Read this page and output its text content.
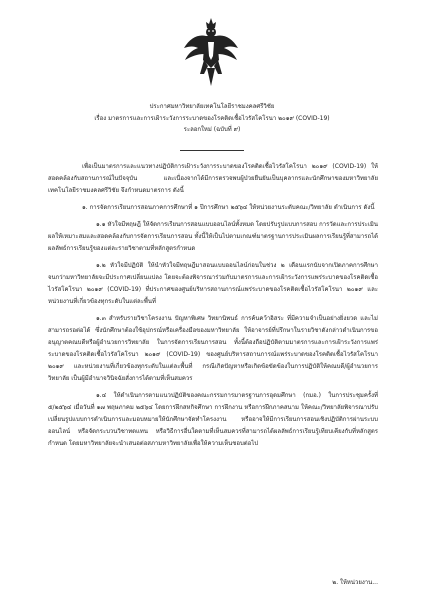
ประกาศมหาวิทยาลัยเทคโนโลยีราชมงคลศรีวิชัย
เรื่อง มาตรการและการเฝ้าระวังการระบาดของโรคติดเชื้อไวรัสโคโรนา ๒๐๑๙ (COVID-19)
ระลอกใหม่ (ฉบับที่ ๙)

เพื่อเป็นมาตรการและแนวทางปฏิบัติการเฝ้าระวังการระบาดของโรคติดเชื้อไวรัสโคโรนา ๒๐๑๙ (COVID-19) ให้สอดคล้องกับสถานการณ์ในปัจจุบัน และเนื่องจากได้มีการตรวจพบผู้ป่วยยืนยันเป็นบุคลากรและนักศึกษาของมหาวิทยาลัยเทคโนโลยีราชมงคลศรีวิชัย จึงกำหนดมาตรการ ดังนี้

๑. การจัดการเรียนการสอนภาคการศึกษาที่ ๑ ปีการศึกษา ๒๕๖๔ ให้หน่วยงานระดับคณะ/วิทยาลัย ดำเนินการ ดังนี้

๑.๑ หัวใจมีทฤษฎี ให้จัดการเรียนการสอนแบบออนไลน์ทั้งหมด โดยปรับรูปแบบการสอบ การวัดและการประเมินผลให้เหมาะสมและสอดคล้องกับการจัดการเรียนการสอน ทั้งนี้ให้เป็นไปตามเกณฑ์มาตรฐานการประเมินผลการเรียนรู้ที่สามารถได้ผลลัพธ์การเรียนรู้ของแต่ละรายวิชาตามที่หลักสูตรกำหนด

๑.๒ หัวใจมีปฏิบัติ ให้นำหัวใจมีทฤษฎีมาสอนแบบออนไลน์ก่อนในช่วง ๒ เดือนแรกนับจากเปิดภาคการศึกษา จนกว่ามหาวิทยาลัยจะมีประกาศเปลี่ยนแปลง โดยจะต้องพิจารณาร่วมกับมาตรการและการเฝ้าระวังการแพร่ระบาดของโรคติดเชื้อไวรัสโคโรนา ๒๐๑๙ (COVID-19) ที่ประกาศของศูนย์บริหารสถานการณ์แพร่ระบาดของโรคติดเชื้อไวรัสโคโรนา ๒๐๑๙ และหน่วยงานที่เกี่ยวข้องทุกระดับในแต่ละพื้นที่

๑.๓ สำหรับรายวิชาโครงงาน ปัญหาพิเศษ วิทยานิพนธ์ การค้นคว้าอิสระ ที่มีความจำเป็นอย่างยิ่งยวด และไม่สามารถรอต่อได้ ซึ่งนักศึกษาต้องใช้อุปกรณ์หรือเครื่องมือของมหาวิทยาลัย ให้อาจารย์ที่ปรึกษาในรายวิชาดังกล่าวดำเนินการขออนุญาตคณบดีหรือผู้อำนวยการวิทยาลัย ในการจัดการเรียนการสอน ทั้งนี้ต้องถือปฏิบัติตามมาตรการและการเฝ้าระวังการแพร่ระบาดของโรคติดเชื้อไวรัสโคโรนา ๒๐๑๙ (COVID-19) ของศูนย์บริหารสถานการณ์แพร่ระบาดของโรคติดเชื้อไวรัสโคโรนา ๒๐๑๙ และหน่วยงานที่เกี่ยวข้องทุกระดับในแต่ละพื้นที่ กรณีเกิดปัญหาหรือเกิดข้อขัดข้องในการปฏิบัติให้คณบดี/ผู้อำนวยการวิทยาลัย เป็นผู้มีอำนาจวินิจฉัยสั่งการได้ตามที่เห็นสมควร

๑.๔ ให้ดำเนินการตามแนวปฏิบัติของคณะกรรมการมาตรฐานการอุดมศึกษา (กมอ.) ในการประชุมครั้งที่ ๕/๒๕๖๔ เมื่อวันที่ ๑๗ พฤษภาคม ๒๕๖๔ โดยการฝึกสหกิจศึกษา การฝึกงาน หรือการฝึกภาคสนาม ให้คณะ/วิทยาลัยพิจารณาปรับเปลี่ยนรูปแบบการดำเนินการและมอบหมายให้นักศึกษาจัดทำโครงงาน หรืออาจให้มีการเรียนการสอนเชิงปฏิบัติการผ่านระบบออนไลน์ หรือจัดกระบวนวิชาทดแทน หรือวิธีการอื่นใดตามที่เห็นสมควรที่สามารถได้ผลลัพธ์การเรียนรู้เทียบเคียงกับที่หลักสูตรกำหนด โดยมหาวิทยาลัยจะนำเสนอต่อสภามหาวิทยาลัยเพื่อให้ความเห็นชอบต่อไป

๒. ให้หน่วยงาน...
